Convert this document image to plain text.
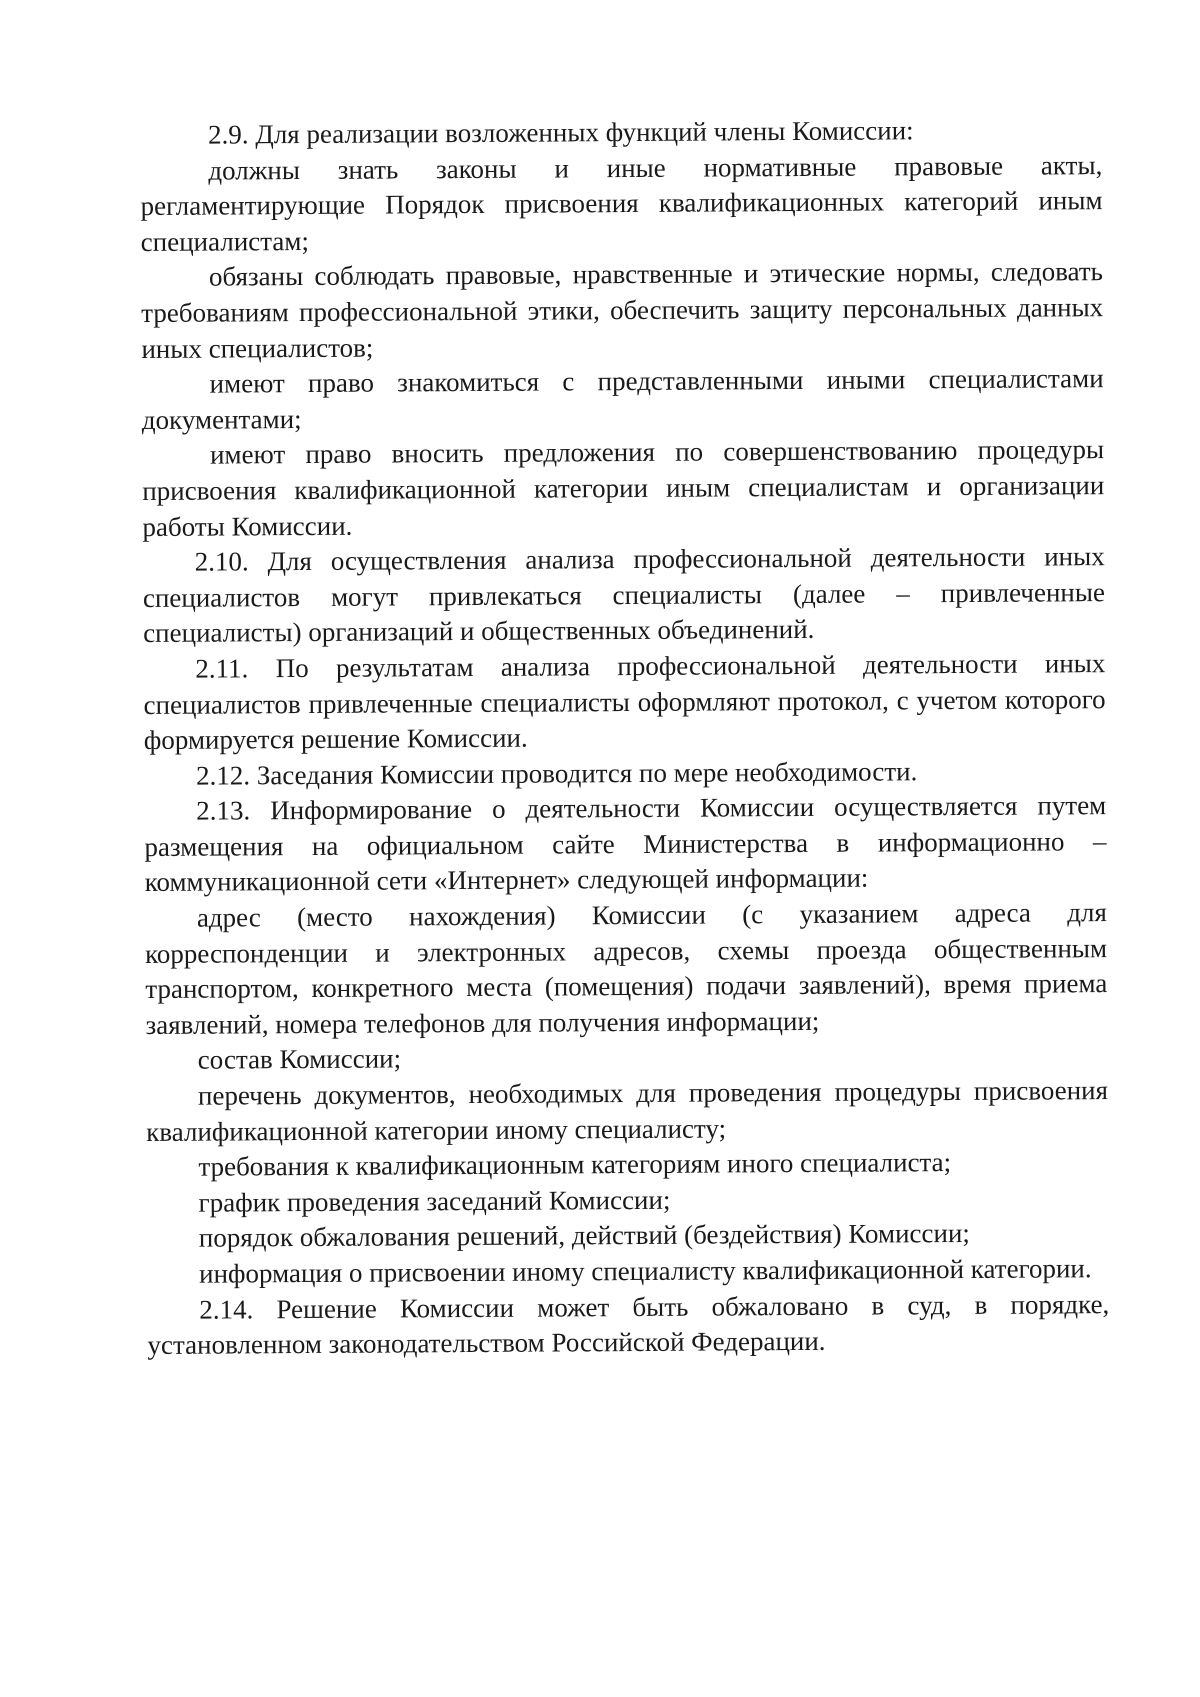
2.9. Для реализации возложенных функций члены Комиссии:

должны знать законы и иные нормативные правовые акты, регламентирующие Порядок присвоения квалификационных категорий иным специалистам;

обязаны соблюдать правовые, нравственные и этические нормы, следовать требованиям профессиональной этики, обеспечить защиту персональных данных иных специалистов;

имеют право знакомиться с представленными иными специалистами документами;

имеют право вносить предложения по совершенствованию процедуры присвоения квалификационной категории иным специалистам и организации работы Комиссии.

2.10. Для осуществления анализа профессиональной деятельности иных специалистов могут привлекаться специалисты (далее – привлеченные специалисты) организаций и общественных объединений.

2.11. По результатам анализа профессиональной деятельности иных специалистов привлеченные специалисты оформляют протокол, с учетом которого формируется решение Комиссии.

2.12. Заседания Комиссии проводится по мере необходимости.

2.13. Информирование о деятельности Комиссии осуществляется путем размещения на официальном сайте Министерства в информационно – коммуникационной сети «Интернет» следующей информации:

адрес (место нахождения) Комиссии (с указанием адреса для корреспонденции и электронных адресов, схемы проезда общественным транспортом, конкретного места (помещения) подачи заявлений), время приема заявлений, номера телефонов для получения информации;

состав Комиссии;

перечень документов, необходимых для проведения процедуры присвоения квалификационной категории иному специалисту;

требования к квалификационным категориям иного специалиста;

график проведения заседаний Комиссии;

порядок обжалования решений, действий (бездействия) Комиссии;

информация о присвоении иному специалисту квалификационной категории.

2.14. Решение Комиссии может быть обжаловано в суд, в порядке, установленном законодательством Российской Федерации.
